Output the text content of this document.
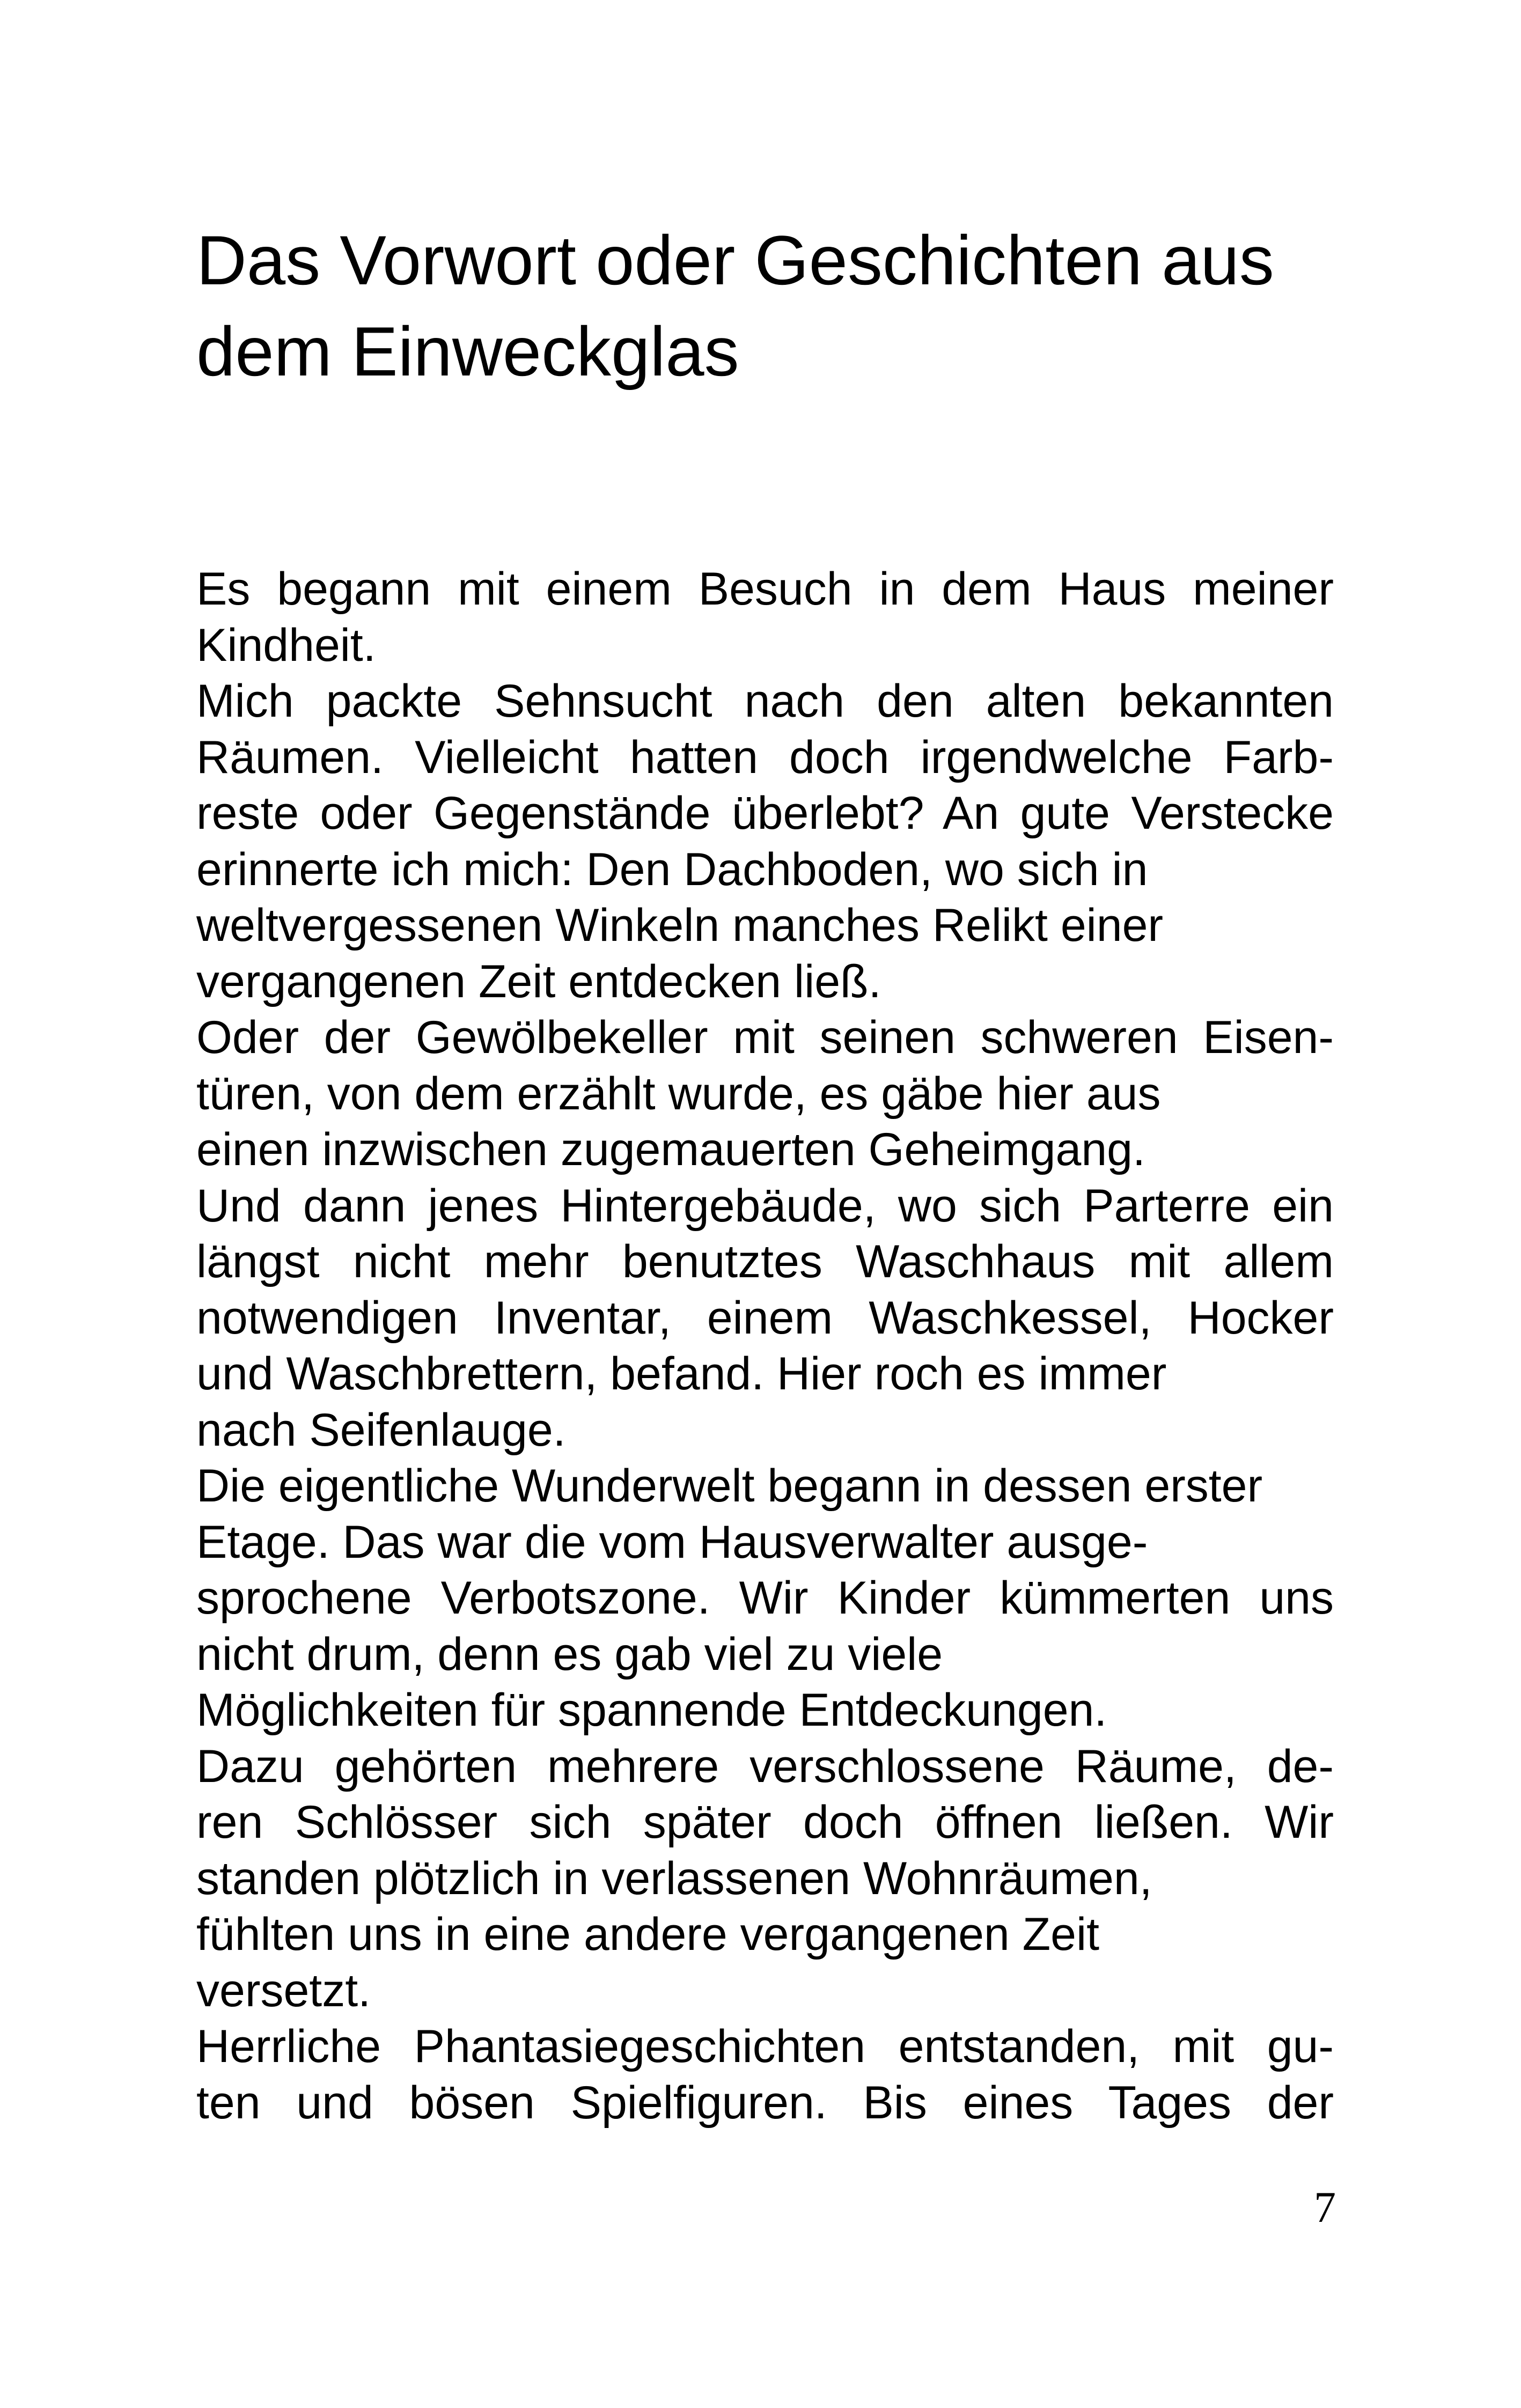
Das Vorwort oder Geschichten aus
dem Einweckglas
Es begann mit einem Besuch in dem Haus meiner
Kindheit.
Mich packte Sehnsucht nach den alten bekannten
Räumen. Vielleicht hatten doch irgendwelche Farb-
reste oder Gegenstände überlebt? An gute Verstecke
erinnerte ich mich: Den Dachboden, wo sich in
weltvergessenen Winkeln manches Relikt einer
vergangenen Zeit entdecken ließ.
Oder der Gewölbekeller mit seinen schweren Eisen-
türen, von dem erzählt wurde, es gäbe hier aus
einen inzwischen zugemauerten Geheimgang.
Und dann jenes Hintergebäude, wo sich Parterre ein
längst nicht mehr benutztes Waschhaus mit allem
notwendigen Inventar, einem Waschkessel, Hocker
und Waschbrettern, befand. Hier roch es immer
nach Seifenlauge.
Die eigentliche Wunderwelt begann in dessen erster
Etage. Das war die vom Hausverwalter ausge-
sprochene Verbotszone. Wir Kinder kümmerten uns
nicht drum, denn es gab viel zu viele
Möglichkeiten für spannende Entdeckungen.
Dazu gehörten mehrere verschlossene Räume, de-
ren Schlösser sich später doch öffnen ließen. Wir
standen plötzlich in verlassenen Wohnräumen,
fühlten uns in eine andere vergangenen Zeit
versetzt.
Herrliche Phantasiegeschichten entstanden, mit gu-
ten und bösen Spielfiguren. Bis eines Tages der
7
